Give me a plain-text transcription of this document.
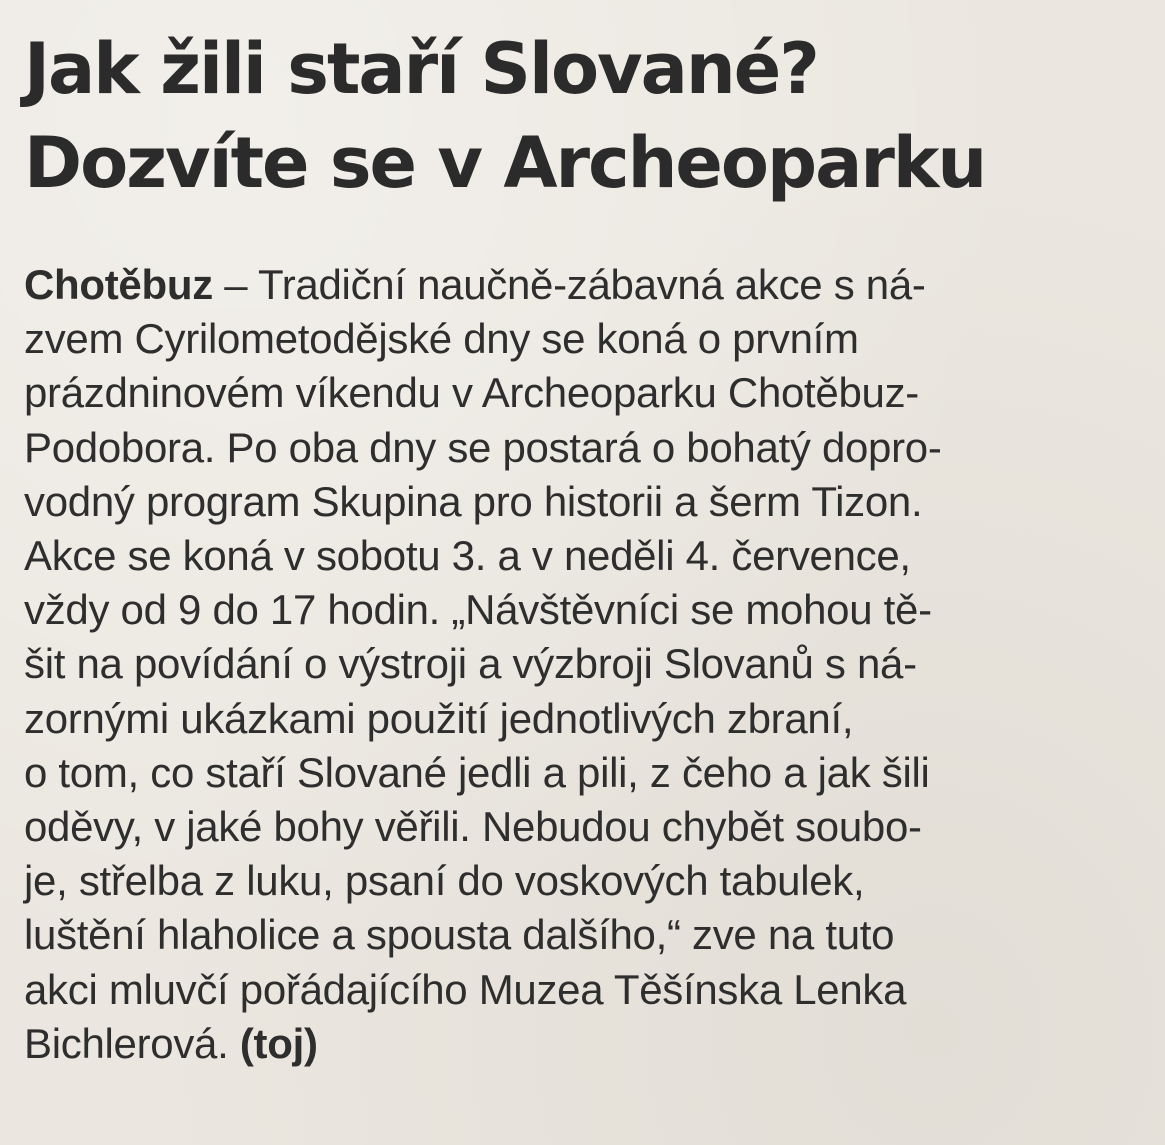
Jak žili staří Slované?
Dozvíte se v Archeoparku
Chotěbuz – Tradiční naučně-zábavná akce s ná-
zvem Cyrilometodějské dny se koná o prvním
prázdninovém víkendu v Archeoparku Chotěbuz-
Podobora. Po oba dny se postará o bohatý dopro-
vodný program Skupina pro historii a šerm Tizon.
Akce se koná v sobotu 3. a v neděli 4. července,
vždy od 9 do 17 hodin. „Návštěvníci se mohou tě-
šit na povídání o výstroji a výzbroji Slovanů s ná-
zornými ukázkami použití jednotlivých zbraní,
o tom, co staří Slované jedli a pili, z čeho a jak šili
oděvy, v jaké bohy věřili. Nebudou chybět soubo-
je, střelba z luku, psaní do voskových tabulek,
luštění hlaholice a spousta dalšího,“ zve na tuto
akci mluvčí pořádajícího Muzea Těšínska Lenka
Bichlerová. (toj)
